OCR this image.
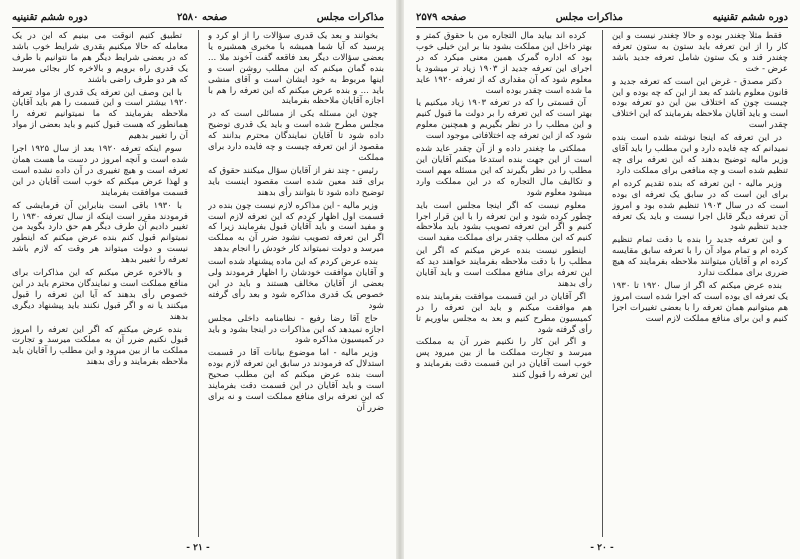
مذاکرات مجلس
صفحه ۲۵۸۰
دوره ششم تقنینیه

بخوانند و بعد یک قدری سؤالات را از او کرد و پرسید که آیا شما همیشه با مخبری همشیره یا بعضی سؤالات دیگر بعد فاقعه گفت آخوند ملا ... بنده گمان میکنم که این مطلب روشن است و اینها مربوط به خود ایشان است و آقای منشی باید ... و بنده عرض میکنم که این تعرفه را هم با اجازه آقایان ملاحظه بفرمایند

چون این مسئله یکی از مسائلی است که در مجلس مطرح شده است و باید یک قدری توضیح داده شود تا آقایان نمایندگان محترم بدانند که مقصود از این تعرفه چیست و چه فایده دارد برای مملکت

رئیس - چند نفر از آقایان سؤال میکنند حقوق که برای قند معین شده است مقصود اینست باید توضیح داده شود تا بتوانند رأی بدهند

وزیر مالیه - این مذاکره لازم نیست چون بنده در قسمت اول اظهار کردم که این تعرفه لازم است و مفید است و باید آقایان قبول بفرمایند زیرا که اگر این تعرفه تصویب نشود ضرر آن به مملکت میرسد و دولت نمیتواند کار خودش را انجام بدهد

بنده عرض کردم که این ماده پیشنهاد شده است و آقایان موافقت خودشان را اظهار فرمودند ولی بعضی از آقایان مخالف هستند و باید در این خصوص یک قدری مذاکره شود و بعد رأی گرفته شود

حاج آقا رضا رفیع - نظامنامه داخلی مجلس اجازه نمیدهد که این مذاکرات در اینجا بشود و باید در کمیسیون مذاکره شود

وزیر مالیه - اما موضوع بیانات آقا در قسمت استدلال که فرمودند در سابق این تعرفه لازم بوده است بنده عرض میکنم که این مطلب صحیح است و باید آقایان در این قسمت دقت بفرمایند که این تعرفه برای منافع مملکت است و نه برای ضرر آن

تطبیق کنیم آنوقت می بینیم که این در یک معامله که حالا میکنیم بقدری شرایط خوب باشد که در بعضی شرایط دیگر هم ما نتوانیم با طرف یک قدری راه برویم و بالاخره کار بجائی میرسد که هر دو طرف راضی باشند

با این وصف این تعرفه یک قدری از مواد تعرفه ۱۹۲۰ بیشتر است و این قسمت را هم باید آقایان ملاحظه بفرمایند که ما نمیتوانیم تعرفه را همانطور که هست قبول کنیم و باید بعضی از مواد آن را تغییر بدهیم

سوم اینکه تعرفه ۱۹۲۰ بعد از سال ۱۹۲۵ اجرا شده است و آنچه امروز در دست ما هست همان تعرفه است و هیچ تغییری در آن داده نشده است و لهذا عرض میکنم که خوب است آقایان در این قسمت موافقت بفرمایند

با ۱۹۳۰ باقی است بنابراین آن فرمایشی که فرمودند مقرر است اینکه از سال تعرفه ۱۹۳۰ را تغییر دادیم آن طرف دیگر هم حق دارد بگوید من نمیتوانم قبول کنم بنده عرض میکنم که اینطور نیست و دولت میتواند هر وقت که لازم باشد تعرفه را تغییر بدهد

و بالاخره عرض میکنم که این مذاکرات برای منافع مملکت است و نمایندگان محترم باید در این خصوص رأی بدهند که آیا این تعرفه را قبول میکنند یا نه و اگر قبول نکنند باید پیشنهاد دیگری بدهند

بنده عرض میکنم که اگر این تعرفه را امروز قبول نکنیم ضرر آن به مملکت میرسد و تجارت مملکت ما از بین میرود و این مطلب را آقایان باید ملاحظه بفرمایند و رأی بدهند

- ۲۱ -
دوره ششم تقنینیه
مذاکرات مجلس
صفحه ۲۵۷۹

فقط مثلاً چغندر بوده و حالا چغندر نیست و این کار را از این تعرفه باید ستون به ستون تعرفه چغندر قند و یک ستون شامل تعرفه جدید باشد عرض - خت

دکتر مصدق - غرض این است که تعرفه جدید و قانون معلوم باشد که بعد از این که چه بوده و این چیست چون که اختلاف بین این دو تعرفه بوده است و باید آقایان ملاحظه بفرمایند که این اختلاف چقدر است

در این تعرفه که اینجا نوشته شده است بنده نمیدانم که چه فایده دارد و این مطلب را باید آقای وزیر مالیه توضیح بدهند که این تعرفه برای چه تنظیم شده است و چه منافعی برای مملکت دارد

وزیر مالیه - این تعرفه که بنده تقدیم کرده ام برای این است که در سابق یک تعرفه ای بوده است که در سال ۱۹۰۳ تنظیم شده بود و امروز آن تعرفه دیگر قابل اجرا نیست و باید یک تعرفه جدید تنظیم شود

و این تعرفه جدید را بنده با دقت تمام تنظیم کرده ام و تمام مواد آن را با تعرفه سابق مقایسه کرده ام و آقایان میتوانند ملاحظه بفرمایند که هیچ ضرری برای مملکت ندارد

بنده عرض میکنم که اگر از سال ۱۹۲۰ تا ۱۹۳۰ یک تعرفه ای بوده است که اجرا شده است امروز هم میتوانیم همان تعرفه را با بعضی تغییرات اجرا کنیم و این برای منافع مملکت لازم است

کرده اند بیاید مال التجاره من با حقوق کمتر و بهتر داخل این مملکت بشود بنا بر این خیلی خوب بود که اداره گمرک همین معنی میکرد که در اجرای این تعرفه جدید از ۱۹۰۳ زیاد تر میشود یا معلوم شود که آن مقداری که از تعرفه ۱۹۲۰ عاید ما شده است چقدر بوده است

آن قسمتی را که در تعرفه ۱۹۰۳ زیاد میکنیم یا بهتر است که این تعرفه را بر دولت ما قبول کنیم و این مطلب را در نظر بگیریم و همچنین معلوم شود که از این تعرفه چه اختلافاتی موجود است

مملکتی ما چغندر داده و از آن چقدر عاید شده است از این جهت بنده استدعا میکنم آقایان این مطلب را در نظر بگیرند که این مسئله مهم است و تکالیف مال التجاره که در این مملکت وارد میشود معلوم شود

معلوم نیست که اگر اینجا مجلس است باید چطور کرده شود و این تعرفه را با این قرار اجرا کنیم و اگر این تعرفه تصویب بشود باید ملاحظه کنیم که این مطلب چقدر برای مملکت مفید است

اینطور نیست بنده عرض میکنم که اگر این مطلب را با دقت ملاحظه بفرمایند خواهند دید که این تعرفه برای منافع مملکت است و باید آقایان رأی بدهند

اگر آقایان در این قسمت موافقت بفرمایند بنده هم موافقت میکنم و باید این تعرفه را در کمیسیون مطرح کنیم و بعد به مجلس بیاوریم تا رأی گرفته شود

و اگر این کار را نکنیم ضرر آن به مملکت میرسد و تجارت مملکت ما از بین میرود پس خوب است آقایان در این قسمت دقت بفرمایند و این تعرفه را قبول کنند

- ۲۰ -
